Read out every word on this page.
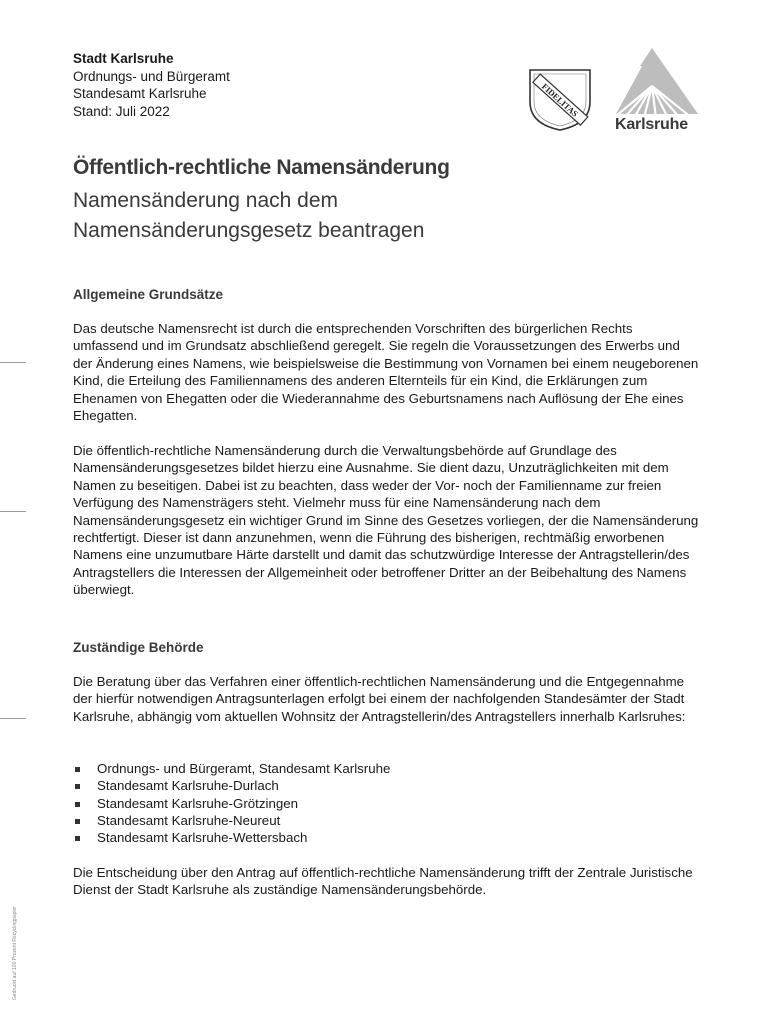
Stadt Karlsruhe
Ordnungs- und Bürgeramt
Standesamt Karlsruhe
Stand: Juli 2022	FIDELITAS
Karlsruhe
Öffentlich-rechtliche Namensänderung
Namensänderung nach dem
Namensänderungsgesetz beantragen
Allgemeine Grundsätze
Das deutsche Namensrecht ist durch die entsprechenden Vorschriften des bürgerlichen Rechts umfassend und im Grundsatz abschließend geregelt. Sie regeln die Voraussetzungen des Erwerbs und der Änderung eines Namens, wie beispielsweise die Bestimmung von Vornamen bei einem neugeborenen Kind, die Erteilung des Familiennamens des anderen Elternteils für ein Kind, die Erklärungen zum Ehenamen von Ehegatten oder die Wiederannahme des Geburtsnamens nach Auflösung der Ehe eines Ehegatten.
Die öffentlich-rechtliche Namensänderung durch die Verwaltungsbehörde auf Grundlage des Namensänderungsgesetzes bildet hierzu eine Ausnahme. Sie dient dazu, Unzuträglichkeiten mit dem Namen zu beseitigen. Dabei ist zu beachten, dass weder der Vor- noch der Familienname zur freien Verfügung des Namensträgers steht. Vielmehr muss für eine Namensänderung nach dem Namensänderungsgesetz ein wichtiger Grund im Sinne des Gesetzes vorliegen, der die Namensänderung rechtfertigt. Dieser ist dann anzunehmen, wenn die Führung des bisherigen, rechtmäßig erworbenen Namens eine unzumutbare Härte darstellt und damit das schutzwürdige Interesse der Antragstellerin/des Antragstellers die Interessen der Allgemeinheit oder betroffener Dritter an der Beibehaltung des Namens überwiegt.
Zuständige Behörde
Die Beratung über das Verfahren einer öffentlich-rechtlichen Namensänderung und die Entgegennahme der hierfür notwendigen Antragsunterlagen erfolgt bei einem der nachfolgenden Standesämter der Stadt Karlsruhe, abhängig vom aktuellen Wohnsitz der Antragstellerin/des Antragstellers innerhalb Karlsruhes:
Ordnungs- und Bürgeramt, Standesamt Karlsruhe
Standesamt Karlsruhe-Durlach
Standesamt Karlsruhe-Grötzingen
Standesamt Karlsruhe-Neureut
Standesamt Karlsruhe-Wettersbach
Die Entscheidung über den Antrag auf öffentlich-rechtliche Namensänderung trifft der Zentrale Juristische Dienst der Stadt Karlsruhe als zuständige Namensänderungsbehörde.
Gedruckt auf 100 Prozent Recyclingpapier
